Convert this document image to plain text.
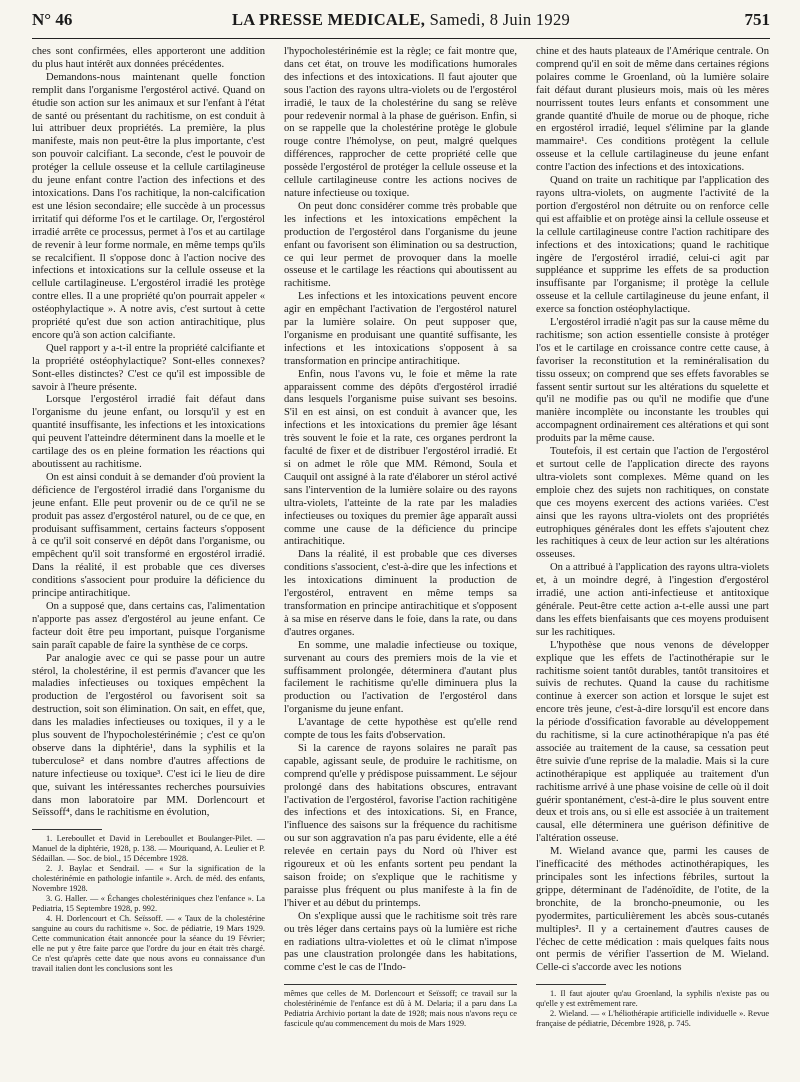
N° 46	LA PRESSE MEDICALE, Samedi, 8 Juin 1929	751

ches sont confirmées, elles apporteront une addition du plus haut intérêt aux données précédentes.

Demandons-nous maintenant quelle fonction remplit dans l'organisme l'ergostérol activé. Quand on étudie son action sur les animaux et sur l'enfant à l'état de santé ou présentant du rachitisme, on est conduit à lui attribuer deux propriétés. La première, la plus manifeste, mais non peut-être la plus importante, c'est son pouvoir calcifiant. La seconde, c'est le pouvoir de protéger la cellule osseuse et la cellule cartilagineuse du jeune enfant contre l'action des infections et des intoxications. Dans l'os rachitique, la non-calcification est une lésion secondaire; elle succède à un processus irritatif qui déforme l'os et le cartilage. Or, l'ergostérol irradié arrête ce processus, permet à l'os et au cartilage de revenir à leur forme normale, en même temps qu'ils se recalcifient. Il s'oppose donc à l'action nocive des infections et intoxications sur la cellule osseuse et la cellule cartilagineuse. L'ergostérol irradié les protège contre elles. Il a une propriété qu'on pourrait appeler « ostéophylactique ». A notre avis, c'est surtout à cette propriété qu'est due son action antirachitique, plus encore qu'à son action calcifiante.

Quel rapport y a-t-il entre la propriété calcifiante et la propriété ostéophylactique? Sont-elles connexes? Sont-elles distinctes? C'est ce qu'il est impossible de savoir à l'heure présente.

Lorsque l'ergostérol irradié fait défaut dans l'organisme du jeune enfant, ou lorsqu'il y est en quantité insuffisante, les infections et les intoxications qui peuvent l'atteindre déterminent dans la moelle et le cartilage des os en pleine formation les réactions qui aboutissent au rachitisme.

On est ainsi conduit à se demander d'où provient la déficience de l'ergostérol irradié dans l'organisme du jeune enfant. Elle peut provenir ou de ce qu'il ne se produit pas assez d'ergostérol naturel, ou de ce que, en produisant suffisamment, certains facteurs s'opposent à ce qu'il soit conservé en dépôt dans l'organisme, ou empêchent qu'il soit transformé en ergostérol irradié. Dans la réalité, il est probable que ces diverses conditions s'associent pour produire la déficience du principe antirachitique.

On a supposé que, dans certains cas, l'alimentation n'apporte pas assez d'ergostérol au jeune enfant. Ce facteur doit être peu important, puisque l'organisme sain paraît capable de faire la synthèse de ce corps.

Par analogie avec ce qui se passe pour un autre stérol, la cholestérine, il est permis d'avancer que les maladies infectieuses ou toxiques empêchent la production de l'ergostérol ou favorisent soit sa destruction, soit son élimination. On sait, en effet, que, dans les maladies infectieuses ou toxiques, il y a le plus souvent de l'hypocholestérinémie ; c'est ce qu'on observe dans la diphtérie¹, dans la syphilis et la tuberculose² et dans nombre d'autres affections de nature infectieuse ou toxique³. C'est ici le lieu de dire que, suivant les intéressantes recherches poursuivies dans mon laboratoire par MM. Dorlencourt et Seïssoff⁴, dans le rachitisme en évolution,

1. Lereboullet et David in Lereboullet et Boulanger-Pilet. — Manuel de la diphtérie, 1928, p. 138. — Mouriquand, A. Leulier et P. Sédaillan. — Soc. de biol., 15 Décembre 1928.

2. J. Baylac et Sendrail. — « Sur la signification de la cholestérinémie en pathologie infantile ». Arch. de méd. des enfants, Novembre 1928.

3. G. Haller. — « Échanges cholestériniques chez l'enfance ». La Pediatria, 15 Septembre 1928, p. 992.

4. H. Dorlencourt et Ch. Seïssoff. — « Taux de la cholestérine sanguine au cours du rachitisme ». Soc. de pédiatrie, 19 Mars 1929. Cette communication était annoncée pour la séance du 19 Février; elle ne put y être faite parce que l'ordre du jour en était très chargé. Ce n'est qu'après cette date que nous avons eu connaissance d'un travail italien dont les conclusions sont les

l'hypocholestérinémie est la règle; ce fait montre que, dans cet état, on trouve les modifications humorales des infections et des intoxications. Il faut ajouter que sous l'action des rayons ultra-violets ou de l'ergostérol irradié, le taux de la cholestérine du sang se relève pour redevenir normal à la phase de guérison. Enfin, si on se rappelle que la cholestérine protège le globule rouge contre l'hémolyse, on peut, malgré quelques différences, rapprocher de cette propriété celle que possède l'ergostérol de protéger la cellule osseuse et la cellule cartilagineuse contre les actions nocives de nature infectieuse ou toxique.

On peut donc considérer comme très probable que les infections et les intoxications empêchent la production de l'ergostérol dans l'organisme du jeune enfant ou favorisent son élimination ou sa destruction, ce qui leur permet de provoquer dans la moelle osseuse et le cartilage les réactions qui aboutissent au rachitisme.

Les infections et les intoxications peuvent encore agir en empêchant l'activation de l'ergostérol naturel par la lumière solaire. On peut supposer que, l'organisme en produisant une quantité suffisante, les infections et les intoxications s'opposent à sa transformation en principe antirachitique.

Enfin, nous l'avons vu, le foie et même la rate apparaissent comme des dépôts d'ergostérol irradié dans lesquels l'organisme puise suivant ses besoins. S'il en est ainsi, on est conduit à avancer que, les infections et les intoxications du premier âge lésant très souvent le foie et la rate, ces organes perdront la faculté de fixer et de distribuer l'ergostérol irradié. Et si on admet le rôle que MM. Rémond, Soula et Cauquil ont assigné à la rate d'élaborer un stérol activé sans l'intervention de la lumière solaire ou des rayons ultra-violets, l'atteinte de la rate par les maladies infectieuses ou toxiques du premier âge apparaît aussi comme une cause de la déficience du principe antirachitique.

Dans la réalité, il est probable que ces diverses conditions s'associent, c'est-à-dire que les infections et les intoxications diminuent la production de l'ergostérol, entravent en même temps sa transformation en principe antirachitique et s'opposent à sa mise en réserve dans le foie, dans la rate, ou dans d'autres organes.

En somme, une maladie infectieuse ou toxique, survenant au cours des premiers mois de la vie et suffisamment prolongée, déterminera d'autant plus facilement le rachitisme qu'elle diminuera plus la production ou l'activation de l'ergostérol dans l'organisme du jeune enfant.

L'avantage de cette hypothèse est qu'elle rend compte de tous les faits d'observation.

Si la carence de rayons solaires ne paraît pas capable, agissant seule, de produire le rachitisme, on comprend qu'elle y prédispose puissamment. Le séjour prolongé dans des habitations obscures, entravant l'activation de l'ergostérol, favorise l'action rachitigène des infections et des intoxications. Si, en France, l'influence des saisons sur la fréquence du rachitisme ou sur son aggravation n'a pas paru évidente, elle a été relevée en certain pays du Nord où l'hiver est rigoureux et où les enfants sortent peu pendant la saison froide; on s'explique que le rachitisme y paraisse plus fréquent ou plus manifeste à la fin de l'hiver et au début du printemps.

On s'explique aussi que le rachitisme soit très rare ou très léger dans certains pays où la lumière est riche en radiations ultra-violettes et où le climat n'impose pas une claustration prolongée dans les habitations, comme c'est le cas de l'Indo-

mêmes que celles de M. Dorlencourt et Seïssoff; ce travail sur la cholestérinémie de l'enfance est dû à M. Delaria; il a paru dans La Pediatria Archivio portant la date de 1928; mais nous n'avons reçu ce fascicule qu'au commencement du mois de Mars 1929.

chine et des hauts plateaux de l'Amérique centrale. On comprend qu'il en soit de même dans certaines régions polaires comme le Groenland, où la lumière solaire fait défaut durant plusieurs mois, mais où les mères nourrissent toutes leurs enfants et consomment une grande quantité d'huile de morue ou de phoque, riche en ergostérol irradié, lequel s'élimine par la glande mammaire¹. Ces conditions protègent la cellule osseuse et la cellule cartilagineuse du jeune enfant contre l'action des infections et des intoxications.

Quand on traite un rachitique par l'application des rayons ultra-violets, on augmente l'activité de la portion d'ergostérol non détruite ou on renforce celle qui est affaiblie et on protège ainsi la cellule osseuse et la cellule cartilagineuse contre l'action rachitipare des infections et des intoxications; quand le rachitique ingère de l'ergostérol irradié, celui-ci agit par suppléance et supprime les effets de sa production insuffisante par l'organisme; il protège la cellule osseuse et la cellule cartilagineuse du jeune enfant, il exerce sa fonction ostéophylactique.

L'ergostérol irradié n'agit pas sur la cause même du rachitisme; son action essentielle consiste à protéger l'os et le cartilage en croissance contre cette cause, à favoriser la reconstitution et la reminéralisation du tissu osseux; on comprend que ses effets favorables se fassent sentir surtout sur les altérations du squelette et qu'il ne modifie pas ou qu'il ne modifie que d'une manière incomplète ou inconstante les troubles qui accompagnent ordinairement ces altérations et qui sont produits par la même cause.

Toutefois, il est certain que l'action de l'ergostérol et surtout celle de l'application directe des rayons ultra-violets sont complexes. Même quand on les emploie chez des sujets non rachitiques, on constate que ces moyens exercent des actions variées. C'est ainsi que les rayons ultra-violets ont des propriétés eutrophiques générales dont les effets s'ajoutent chez les rachitiques à ceux de leur action sur les altérations osseuses.

On a attribué à l'application des rayons ultra-violets et, à un moindre degré, à l'ingestion d'ergostérol irradié, une action anti-infectieuse et antitoxique générale. Peut-être cette action a-t-elle aussi une part dans les effets bienfaisants que ces moyens produisent sur les rachitiques.

L'hypothèse que nous venons de développer explique que les effets de l'actinothérapie sur le rachitisme soient tantôt durables, tantôt transitoires et suivis de rechutes. Quand la cause du rachitisme continue à exercer son action et lorsque le sujet est encore très jeune, c'est-à-dire lorsqu'il est encore dans la période d'ossification favorable au développement du rachitisme, si la cure actinothérapique n'a pas été associée au traitement de la cause, sa cessation peut être suivie d'une reprise de la maladie. Mais si la cure actinothérapique est appliquée au traitement d'un rachitisme arrivé à une phase voisine de celle où il doit guérir spontanément, c'est-à-dire le plus souvent entre deux et trois ans, ou si elle est associée à un traitement causal, elle déterminera une guérison définitive de l'altération osseuse.

M. Wieland avance que, parmi les causes de l'inefficacité des méthodes actinothérapiques, les principales sont les infections fébriles, surtout la grippe, déterminant de l'adénoïdite, de l'otite, de la bronchite, de la broncho-pneumonie, ou les pyodermites, particulièrement les abcès sous-cutanés multiples². Il y a certainement d'autres causes de l'échec de cette médication : mais quelques faits nous ont permis de vérifier l'assertion de M. Wieland. Celle-ci s'accorde avec les notions

1. Il faut ajouter qu'au Groenland, la syphilis n'existe pas ou qu'elle y est extrêmement rare.

2. Wieland. — « L'héliothérapie artificielle individuelle ». Revue française de pédiatrie, Décembre 1928, p. 745.
